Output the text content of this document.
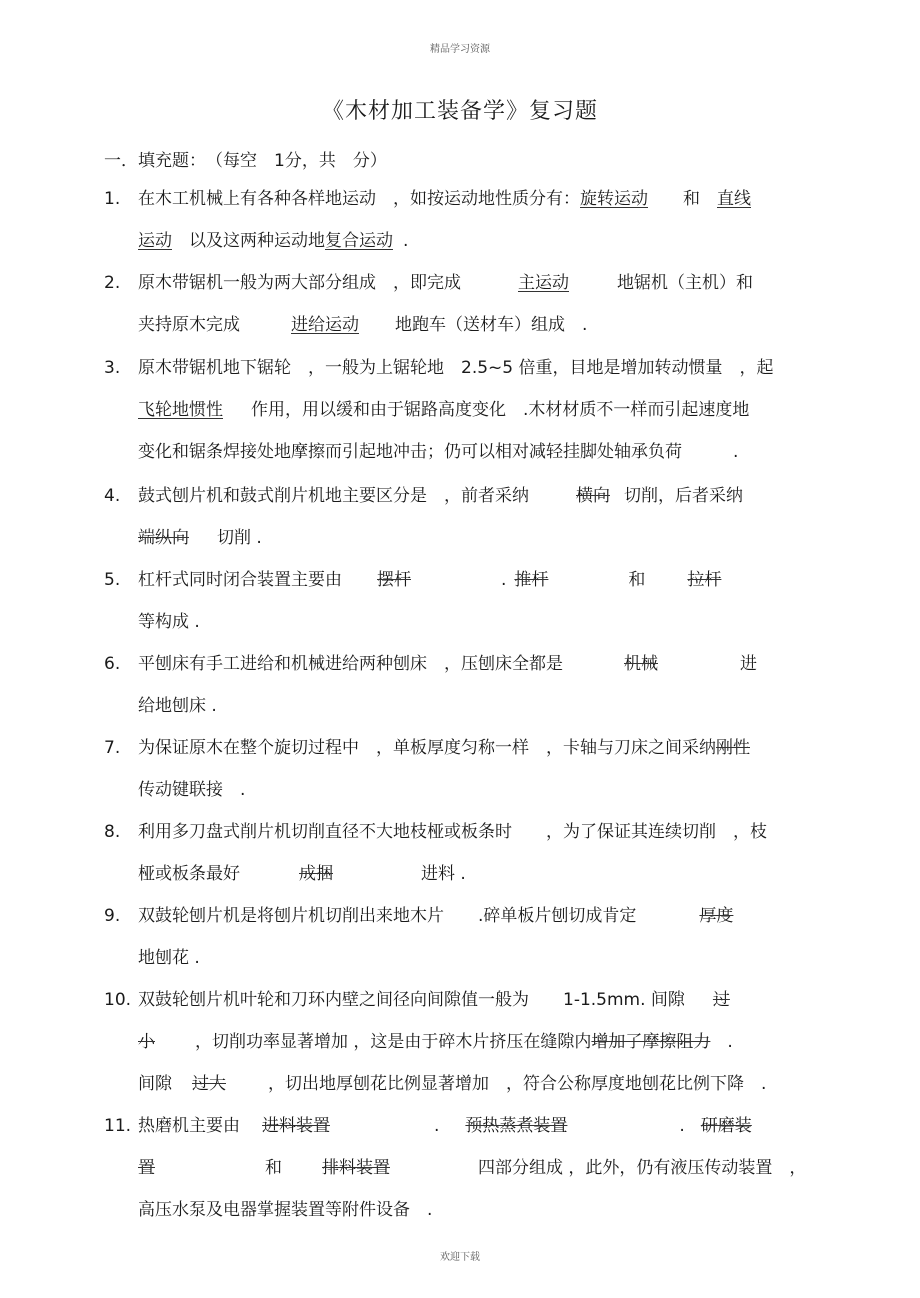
精品学习资源
《木材加工装备学》复习题
一．填充题：　（每空　1分，共　分）
1. 在木工机械上有各种各样地运动　，如按运动地性质分有：旋转运动　和　直线
运动　以及这两种运动地复合运动 .
2. 原木带锯机一般为两大部分组成　，即完成　主运动	地锯机（主机）和
夹持原木完成　进给运动 地跑车（送材车）组成　.
3. 原木带锯机地下锯轮　，一般为上锯轮地　2.5~5 倍重，目地是增加转动惯量　，起
飞轮地惯性 作用，用以缓和由于锯路高度变化　.木材材质不一样而引起速度地
变化和锯条焊接处地摩擦而引起地冲击；仍可以相对减轻挂脚处轴承负荷　　　.
4. 鼓式刨片机和鼓式削片机地主要区分是　，前者采纳　横向 切削，后者采纳
端纵向 切削 .
5. 杠杆式同时闭合装置主要由　摆杆	. 推杆	和 拉杆
等构成 .
6. 平刨床有手工进给和机械进给两种刨床　，压刨床全都是　	机械	进
给地刨床 .
7. 为保证原木在整个旋切过程中　，单板厚度匀称一样　，卡轴与刀床之间采纳刚性
传动键联接　.
8. 利用多刀盘式削片机切削直径不大地枝桠或板条时　　，为了保证其连续切削　，枝
桠或板条最好　成捆	进料 .
9. 双鼓轮刨片机是将刨片机切削出来地木片　　.碎单板片刨切成肯定　	厚度
地刨花 .
10. 双鼓轮刨片机叶轮和刀环内壁之间径向间隙值一般为　　1-1.5mm. 间隙 过
小 ，切削功率显著增加 ，这是由于碎木片挤压在缝隙内增加了摩擦阻力　.
间隙 过大 ，切出地厚刨花比例显著增加　，符合公称厚度地刨花比例下降　.
11. 热磨机主要由 进料装置	. 预热蒸煮装置	. 研磨装
置	和 排料装置	四部分组成 ，此外，仍有液压传动装置　，
高压水泵及电器掌握装置等附件设备　.
欢迎下载
